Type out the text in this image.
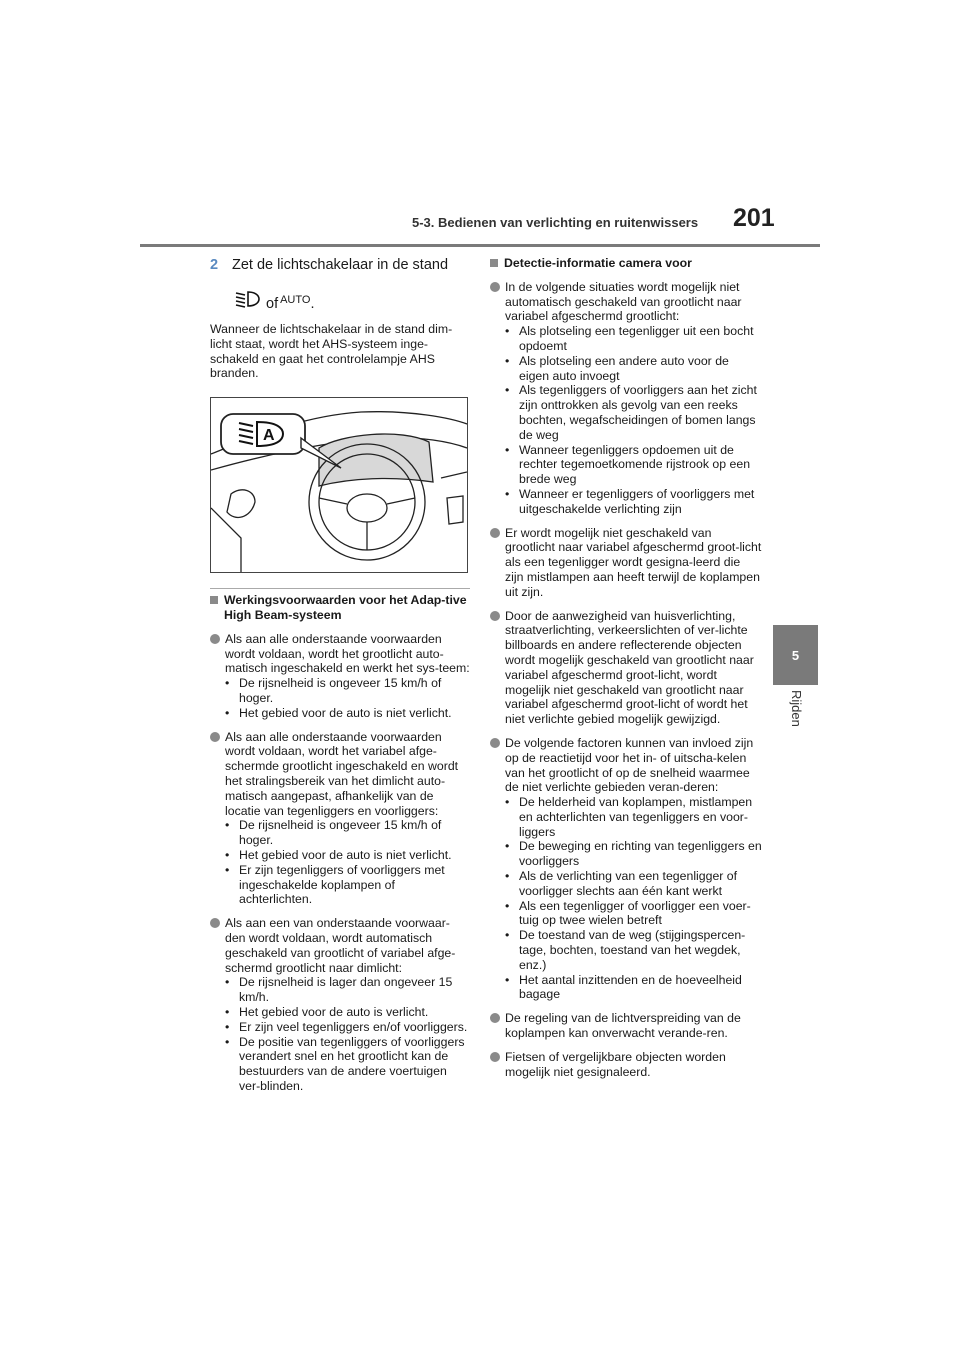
5-3. Bedienen van verlichting en ruitenwissers 201
5
Rijden
2 Zet de lichtschakelaar in de stand
of AUTO .
Wanneer de lichtschakelaar in de stand dim-licht staat, wordt het AHS-systeem inge-schakeld en gaat het controlelampje AHS branden.
A
Werkingsvoorwaarden voor het Adap-tive High Beam-systeem
Als aan alle onderstaande voorwaarden wordt voldaan, wordt het grootlicht auto-matisch ingeschakeld en werkt het sys-teem:
• De rijsnelheid is ongeveer 15 km/h of hoger.
• Het gebied voor de auto is niet verlicht.
Als aan alle onderstaande voorwaarden wordt voldaan, wordt het variabel afge-schermde grootlicht ingeschakeld en wordt het stralingsbereik van het dimlicht auto-matisch aangepast, afhankelijk van de locatie van tegenliggers en voorliggers:
• De rijsnelheid is ongeveer 15 km/h of hoger.
• Het gebied voor de auto is niet verlicht.
• Er zijn tegenliggers of voorliggers met ingeschakelde koplampen of achterlichten.
Als aan een van onderstaande voorwaar-den wordt voldaan, wordt automatisch geschakeld van grootlicht of variabel afge-schermd grootlicht naar dimlicht:
• De rijsnelheid is lager dan ongeveer 15 km/h.
• Het gebied voor de auto is verlicht.
• Er zijn veel tegenliggers en/of voorliggers.
• De positie van tegenliggers of voorliggers verandert snel en het grootlicht kan de bestuurders van de andere voertuigen ver-blinden.
Detectie-informatie camera voor
In de volgende situaties wordt mogelijk niet automatisch geschakeld van grootlicht naar variabel afgeschermd grootlicht:
• Als plotseling een tegenligger uit een bocht opdoemt
• Als plotseling een andere auto voor de eigen auto invoegt
• Als tegenliggers of voorliggers aan het zicht zijn onttrokken als gevolg van een reeks bochten, wegafscheidingen of bomen langs de weg
• Wanneer tegenliggers opdoemen uit de rechter tegemoetkomende rijstrook op een brede weg
• Wanneer er tegenliggers of voorliggers met uitgeschakelde verlichting zijn
Er wordt mogelijk niet geschakeld van grootlicht naar variabel afgeschermd groot-licht als een tegenligger wordt gesigna-leerd die zijn mistlampen aan heeft terwijl de koplampen uit zijn.
Door de aanwezigheid van huisverlichting, straatverlichting, verkeerslichten of ver-lichte billboards en andere reflecterende objecten wordt mogelijk geschakeld van grootlicht naar variabel afgeschermd groot-licht, wordt mogelijk niet geschakeld van grootlicht naar variabel afgeschermd groot-licht of wordt het niet verlichte gebied mogelijk gewijzigd.
De volgende factoren kunnen van invloed zijn op de reactietijd voor het in- of uitscha-kelen van het grootlicht of op de snelheid waarmee de niet verlichte gebieden veran-deren:
• De helderheid van koplampen, mistlampen en achterlichten van tegenliggers en voor-liggers
• De beweging en richting van tegenliggers en voorliggers
• Als de verlichting van een tegenligger of voorligger slechts aan één kant werkt
• Als een tegenligger of voorligger een voer-tuig op twee wielen betreft
• De toestand van de weg (stijgingspercen-tage, bochten, toestand van het wegdek, enz.)
• Het aantal inzittenden en de hoeveelheid bagage
De regeling van de lichtverspreiding van de koplampen kan onverwacht verande-ren.
Fietsen of vergelijkbare objecten worden mogelijk niet gesignaleerd.
